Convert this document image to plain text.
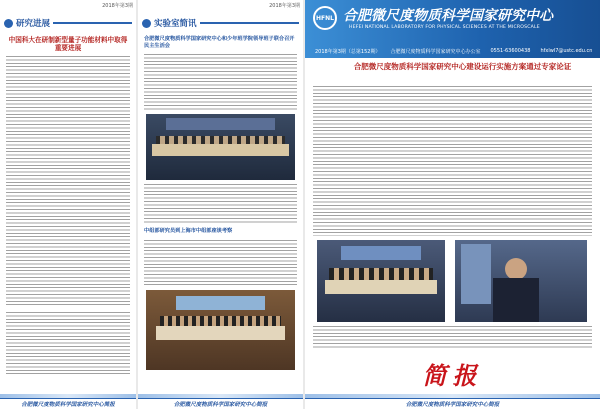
2018年第3期
研究进展
中国科大在研制新型量子功能材料中取得重要进展
合肥微尺度物质科学国家研究中心简报
2018年第3期
实验室简讯
合肥微尺度物质科学国家研究中心和少年班学院领导班子联合召开民主生活会
中组部研究员到上海市中组部座谈考察
合肥微尺度物质科学国家研究中心简报
HFNL 合肥微尺度物质科学国家研究中心
HEFEI NATIONAL LABORATORY FOR PHYSICAL SCIENCES AT THE MICROSCALE
2018年第3期（总第152期） 合肥微尺度物质科学国家研究中心办公室 0551-63600438 hfxlwl7@ustc.edu.cn
合肥微尺度物质科学国家研究中心建设运行实施方案通过专家论证
简报
合肥微尺度物质科学国家研究中心简报
